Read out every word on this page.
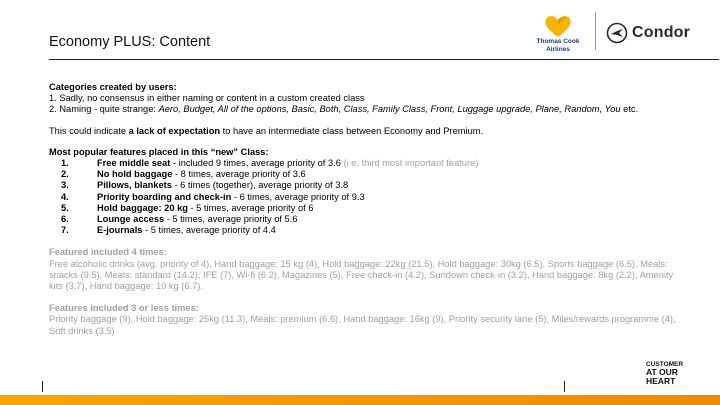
Economy PLUS: Content	Thomas Cook
Airlines
Condor

Categories created by users:

1. Sadly, no consensus in either naming or content in a custom created class

2. Naming - quite strange: Aero, Budget, All of the options, Basic, Both, Class, Family Class, Front, Luggage upgrade, Plane, Random, You etc.

This could indicate a lack of expectation to have an intermediate class between Economy and Premium.

Most popular features placed in this “new” Class:

1.	Free middle seat - included 9 times, average priority of 3.6 (i.e. third most important feature)
2.	No hold baggage - 8 times, average priority of 3.6
3.	Pillows, blankets - 6 times (together), average priority of 3.8
4.	Priority boarding and check-in - 6 times, average priority of 9.3
5.	Hold baggage: 20 kg - 5 times, average priority of 6
6.	Lounge access - 5 times, average priority of 5.6
7.	E-journals - 5 times, average priority of 4.4

Featured included 4 times:

Free alcoholic drinks (avg. priority of 4), Hand baggage: 15 kg (4), Hold baggage: 22kg (21.5), Hold baggage: 30kg (6.5), Sports baggage (6.5), Meals: snacks (9.5), Meals: standard (14.2), IFE (7), Wi-fi (6.2), Magazines (5), Free check-in (4.2), Sundown check-in (3.2), Hand baggage: 8kg (2.2), Amenity kits (3.7), Hand baggage: 10 kg (6.7).

Features included 3 or less times:

Priority baggage (9), Hold baggage: 25kg (11.3), Meals: premium (6.6), Hand baggage: 16kg (9), Priority security lane (5), Miles/rewards programme (4), Soft drinks (3.5)

CUSTOMER
AT OUR
HEART
